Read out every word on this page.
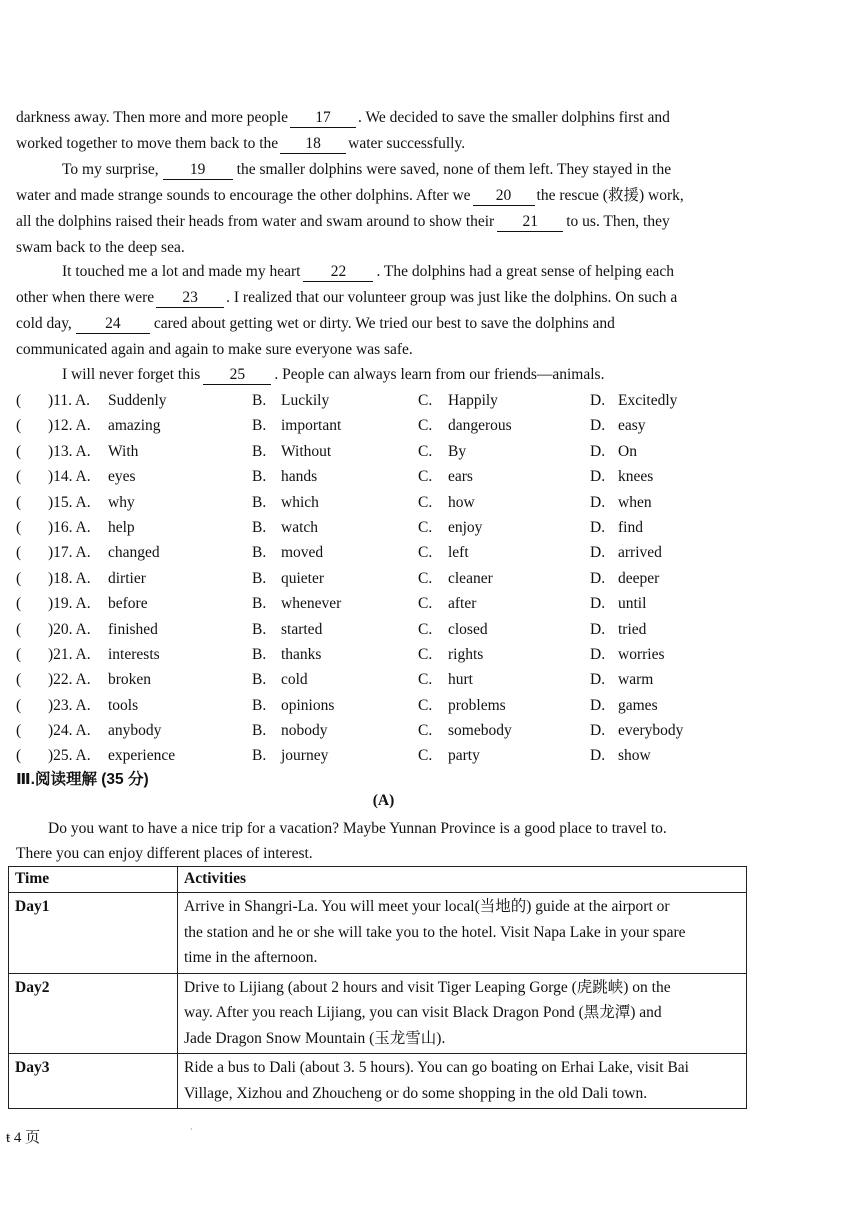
darkness away. Then more and more people 17 . We decided to save the smaller dolphins first and
worked together to move them back to the 18 water successfully.
To my surprise, 19 the smaller dolphins were saved, none of them left. They stayed in the
water and made strange sounds to encourage the other dolphins. After we 20 the rescue (救援) work,
all the dolphins raised their heads from water and swam around to show their 21 to us. Then, they
swam back to the deep sea.
It touched me a lot and made my heart 22 . The dolphins had a great sense of helping each
other when there were 23 . I realized that our volunteer group was just like the dolphins. On such a
cold day, 24 cared about getting wet or dirty. We tried our best to save the dolphins and
communicated again and again to make sure everyone was safe.
I will never forget this 25 . People can always learn from our friends—animals.
( )11. A. Suddenly	B. Luckily	C. Happily	D. Excitedly
( )12. A. amazing	B. important	C. dangerous	D. easy
( )13. A. With	B. Without	C. By	D. On
( )14. A. eyes	B. hands	C. ears	D. knees
( )15. A. why	B. which	C. how	D. when
( )16. A. help	B. watch	C. enjoy	D. find
( )17. A. changed	B. moved	C. left	D. arrived
( )18. A. dirtier	B. quieter	C. cleaner	D. deeper
( )19. A. before	B. whenever	C. after	D. until
( )20. A. finished	B. started	C. closed	D. tried
( )21. A. interests	B. thanks	C. rights	D. worries
( )22. A. broken	B. cold	C. hurt	D. warm
( )23. A. tools	B. opinions	C. problems	D. games
( )24. A. anybody	B. nobody	C. somebody	D. everybody
( )25. A. experience	B. journey	C. party	D. show
Ⅲ.阅读理解 (35 分)
(A)
Do you want to have a nice trip for a vacation? Maybe Yunnan Province is a good place to travel to.
There you can enjoy different places of interest.
Time	Activities
Day1	Arrive in Shangri-La. You will meet your local(当地的) guide at the airport or
the station and he or she will take you to the hotel. Visit Napa Lake in your spare
time in the afternoon.

Day2	Drive to Lijiang (about 2 hours and visit Tiger Leaping Gorge (虎跳峡) on the
way. After you reach Lijiang, you can visit Black Dragon Pond (黑龙潭) and
Jade Dragon Snow Mountain (玉龙雪山).

Day3	Ride a bus to Dali (about 3. 5 hours). You can go boating on Erhai Lake, visit Bai
Village, Xizhou and Zhoucheng or do some shopping in the old Dali town.
ŧ 4 页
·
